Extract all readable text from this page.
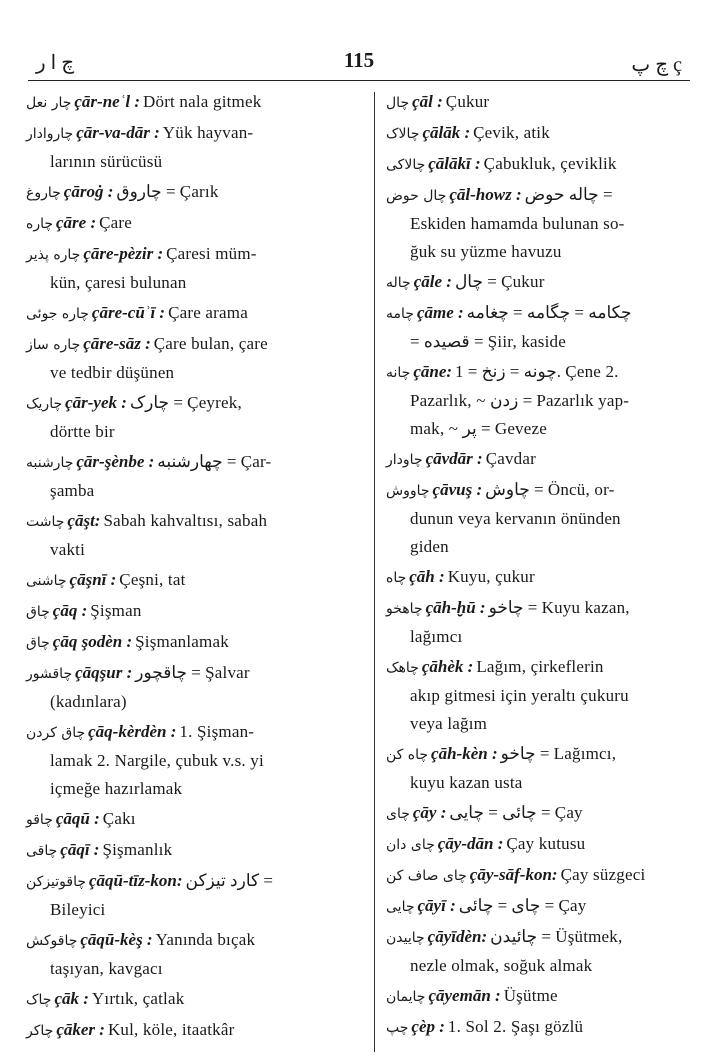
چ ا ر	115	چ پ ç
چار نعل çār-neʿl : Dört nala gitmek
چاروادار çār-va-dār : Yük hayvan-
larının sürücüsü
چاروغ çāroġ : چاروق = Çarık
چاره çāre : Çare
چاره پذیر çāre-pèzir : Çaresi müm-
kün, çaresi bulunan
چاره جوئی çāre-cūʾī : Çare arama
چاره ساز çāre-sāz : Çare bulan, çare
ve tedbir düşünen
چاریک çār-yek : چارک = Çeyrek,
dörtte bir
چارشنبه çār-şènbe : چهارشنبه = Çar-
şamba
چاشت çāşt: Sabah kahvaltısı, sabah
vakti
چاشنی çāşnī : Çeşni, tat
چاق çāq : Şişman
چاق çāq şodèn : Şişmanlamak
چاقشور çāqşur : چاقچور = Şalvar
(kadınlara)
چاق کردن çāq-kèrdèn : 1. Şişman-
lamak 2. Nargile, çubuk v.s. yi
içmeğe hazırlamak
چاقو çāqū : Çakı
چاقی çāqī : Şişmanlık
چاقوتیزکن çāqū-tīz-kon: کارد تیزکن =
Bileyici
چاقوکش çāqū-kèş : Yanında bıçak
taşıyan, kavgacı
چاک çāk : Yırtık, çatlak
چاکر çāker : Kul, köle, itaatkâr
چال çāl : Çukur
چالاک çālāk : Çevik, atik
چالاکی çālākī : Çabukluk, çeviklik
چال حوض çāl-howz : چاله حوض =
Eskiden hamamda bulunan so-
ğuk su yüzme havuzu
چاله çāle : چال = Çukur
چامه çāme : چکامه = چگامه = چغامه
= قصیده = Şiir, kaside
چانه çāne: چونه = زنخ = 1. Çene 2.
Pazarlık, ~ زدن = Pazarlık yap-
mak, ~ پر = Geveze
چاودار çāvdār : Çavdar
چاووش çāvuş : چاوش = Öncü, or-
dunun veya kervanın önünden
giden
چاه çāh : Kuyu, çukur
چاهخو çāh-ḫū : چاخو = Kuyu kazan,
lağımcı
چاهک çāhèk : Lağım, çirkeflerin
akıp gitmesi için yeraltı çukuru
veya lağım
چاه کن çāh-kèn : چاخو = Lağımcı,
kuyu kazan usta
چای çāy : چائی = چایی = Çay
چای دان çāy-dān : Çay kutusu
چای صاف کن çāy-sāf-kon: Çay süzgeci
چایی çāyī : چای = چائی = Çay
چاییدن çāyīdèn: چائیدن = Üşütmek,
nezle olmak, soğuk almak
چایمان çāyemān : Üşütme
چپ çèp : 1. Sol 2. Şaşı gözlü
